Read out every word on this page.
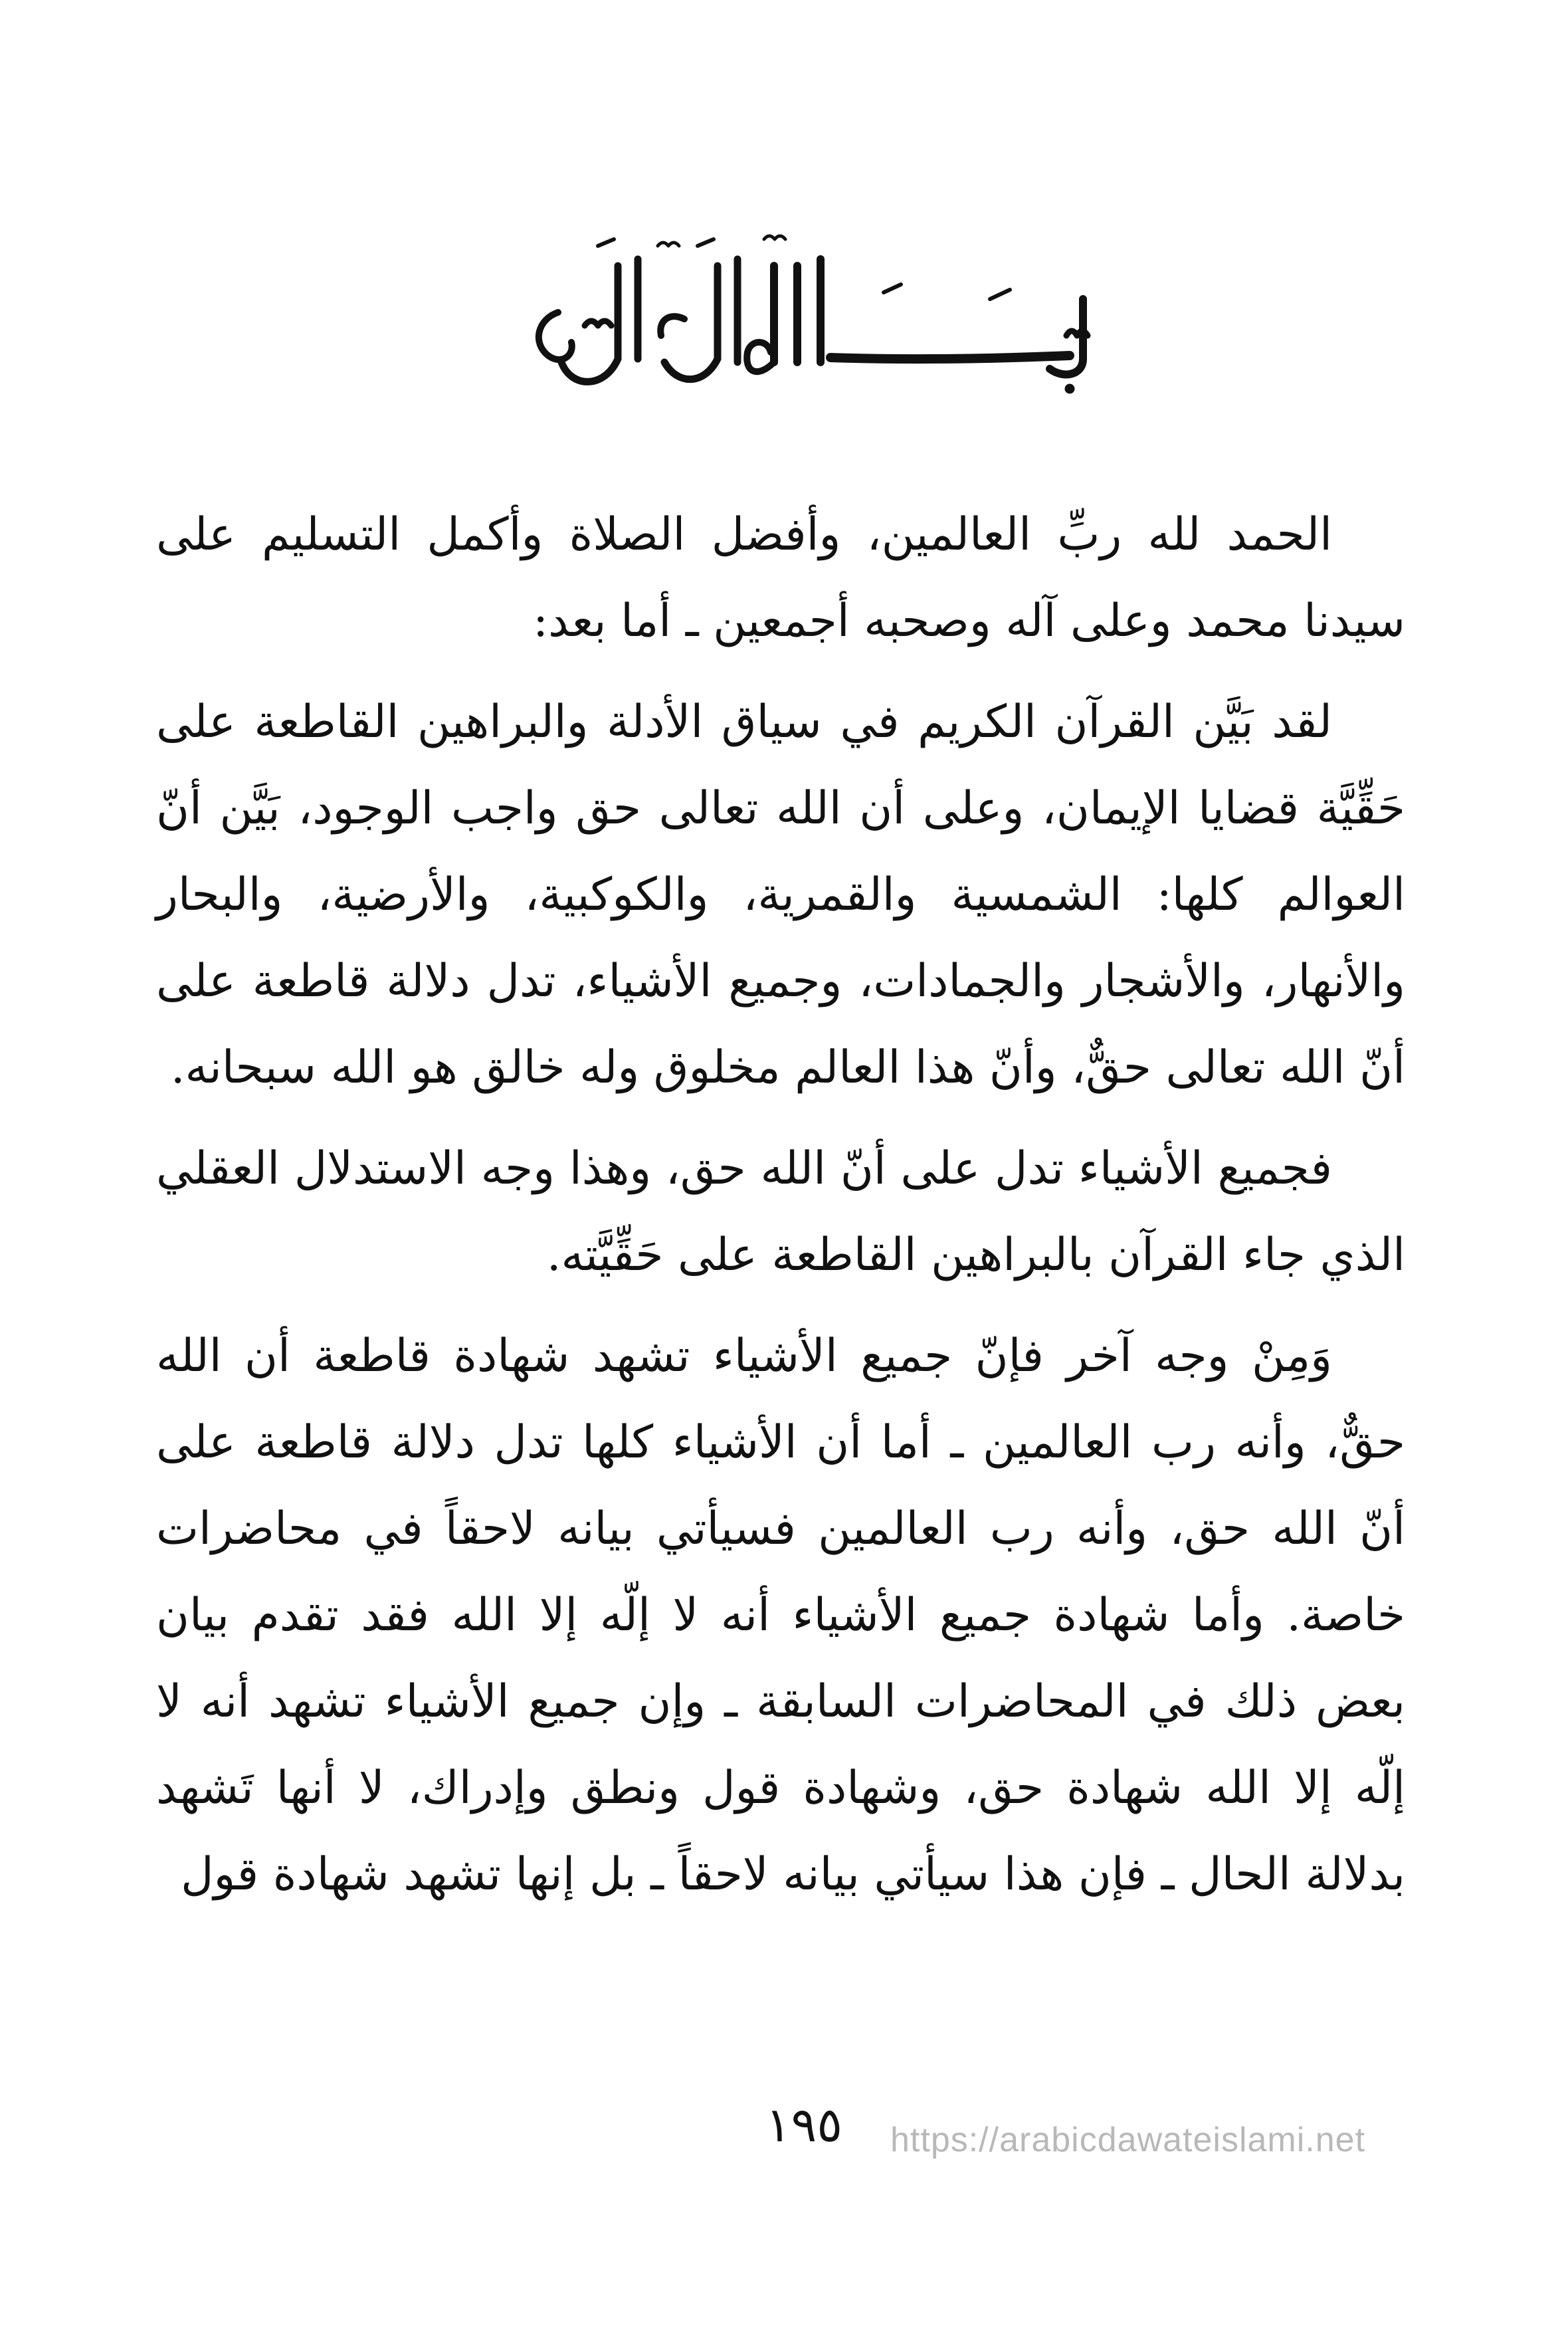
الحمد لله ربِّ العالمين، وأفضل الصلاة وأكمل التسليم على سيدنا محمد وعلى آله وصحبه أجمعين ـ أما بعد:

لقد بَيَّن القرآن الكريم في سياق الأدلة والبراهين القاطعة على حَقِّيَّة قضايا الإيمان، وعلى أن الله تعالى حق واجب الوجود، بَيَّن أنّ العوالم كلها: الشمسية والقمرية، والكوكبية، والأرضية، والبحار والأنهار، والأشجار والجمادات، وجميع الأشياء، تدل دلالة قاطعة على أنّ الله تعالى حقٌّ، وأنّ هذا العالم مخلوق وله خالق هو الله سبحانه.

فجميع الأشياء تدل على أنّ الله حق، وهذا وجه الاستدلال العقلي الذي جاء القرآن بالبراهين القاطعة على حَقِّيَّته.

وَمِنْ وجه آخر فإنّ جميع الأشياء تشهد شهادة قاطعة أن الله حقٌّ، وأنه رب العالمين ـ أما أن الأشياء كلها تدل دلالة قاطعة على أنّ الله حق، وأنه رب العالمين فسيأتي بيانه لاحقاً في محاضرات خاصة. وأما شهادة جميع الأشياء أنه لا إلّه إلا الله فقد تقدم بيان بعض ذلك في المحاضرات السابقة ـ وإن جميع الأشياء تشهد أنه لا إلّه إلا الله شهادة حق، وشهادة قول ونطق وإدراك، لا أنها تَشهد بدلالة الحال ـ فإن هذا سيأتي بيانه لاحقاً ـ بل إنها تشهد شهادة قول

١٩٥	https://arabicdawateislami.net
